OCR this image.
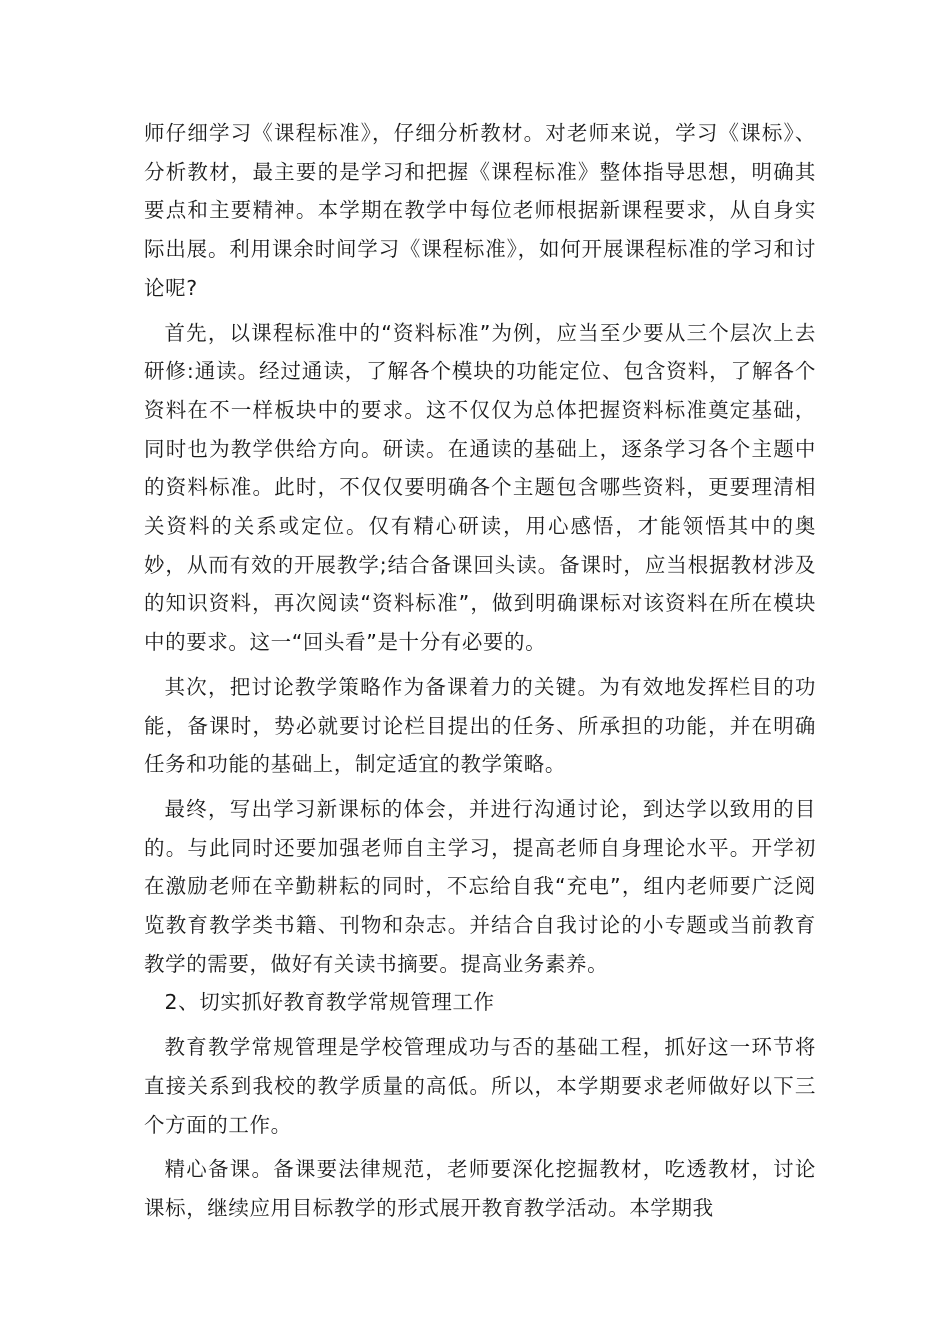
师仔细学习《课程标准》，仔细分析教材。对老师来说，学习《课标》、分析教材，最主要的是学习和把握《课程标准》整体指导思想，明确其要点和主要精神。本学期在教学中每位老师根据新课程要求，从自身实际出展。利用课余时间学习《课程标准》，如何开展课程标准的学习和讨论呢?

首先，以课程标准中的“资料标准”为例，应当至少要从三个层次上去研修:通读。经过通读，了解各个模块的功能定位、包含资料，了解各个资料在不一样板块中的要求。这不仅仅为总体把握资料标准奠定基础，同时也为教学供给方向。研读。在通读的基础上，逐条学习各个主题中的资料标准。此时，不仅仅要明确各个主题包含哪些资料，更要理清相关资料的关系或定位。仅有精心研读，用心感悟，才能领悟其中的奥妙，从而有效的开展教学;结合备课回头读。备课时，应当根据教材涉及的知识资料，再次阅读“资料标准”，做到明确课标对该资料在所在模块中的要求。这一“回头看”是十分有必要的。

其次，把讨论教学策略作为备课着力的关键。为有效地发挥栏目的功能，备课时，势必就要讨论栏目提出的任务、所承担的功能，并在明确任务和功能的基础上，制定适宜的教学策略。

最终，写出学习新课标的体会，并进行沟通讨论，到达学以致用的目的。与此同时还要加强老师自主学习，提高老师自身理论水平。开学初在激励老师在辛勤耕耘的同时，不忘给自我“充电”，组内老师要广泛阅览教育教学类书籍、刊物和杂志。并结合自我讨论的小专题或当前教育教学的需要，做好有关读书摘要。提高业务素养。

2、切实抓好教育教学常规管理工作

教育教学常规管理是学校管理成功与否的基础工程，抓好这一环节将直接关系到我校的教学质量的高低。所以，本学期要求老师做好以下三个方面的工作。

精心备课。备课要法律规范，老师要深化挖掘教材，吃透教材，讨论课标，继续应用目标教学的形式展开教育教学活动。本学期我
